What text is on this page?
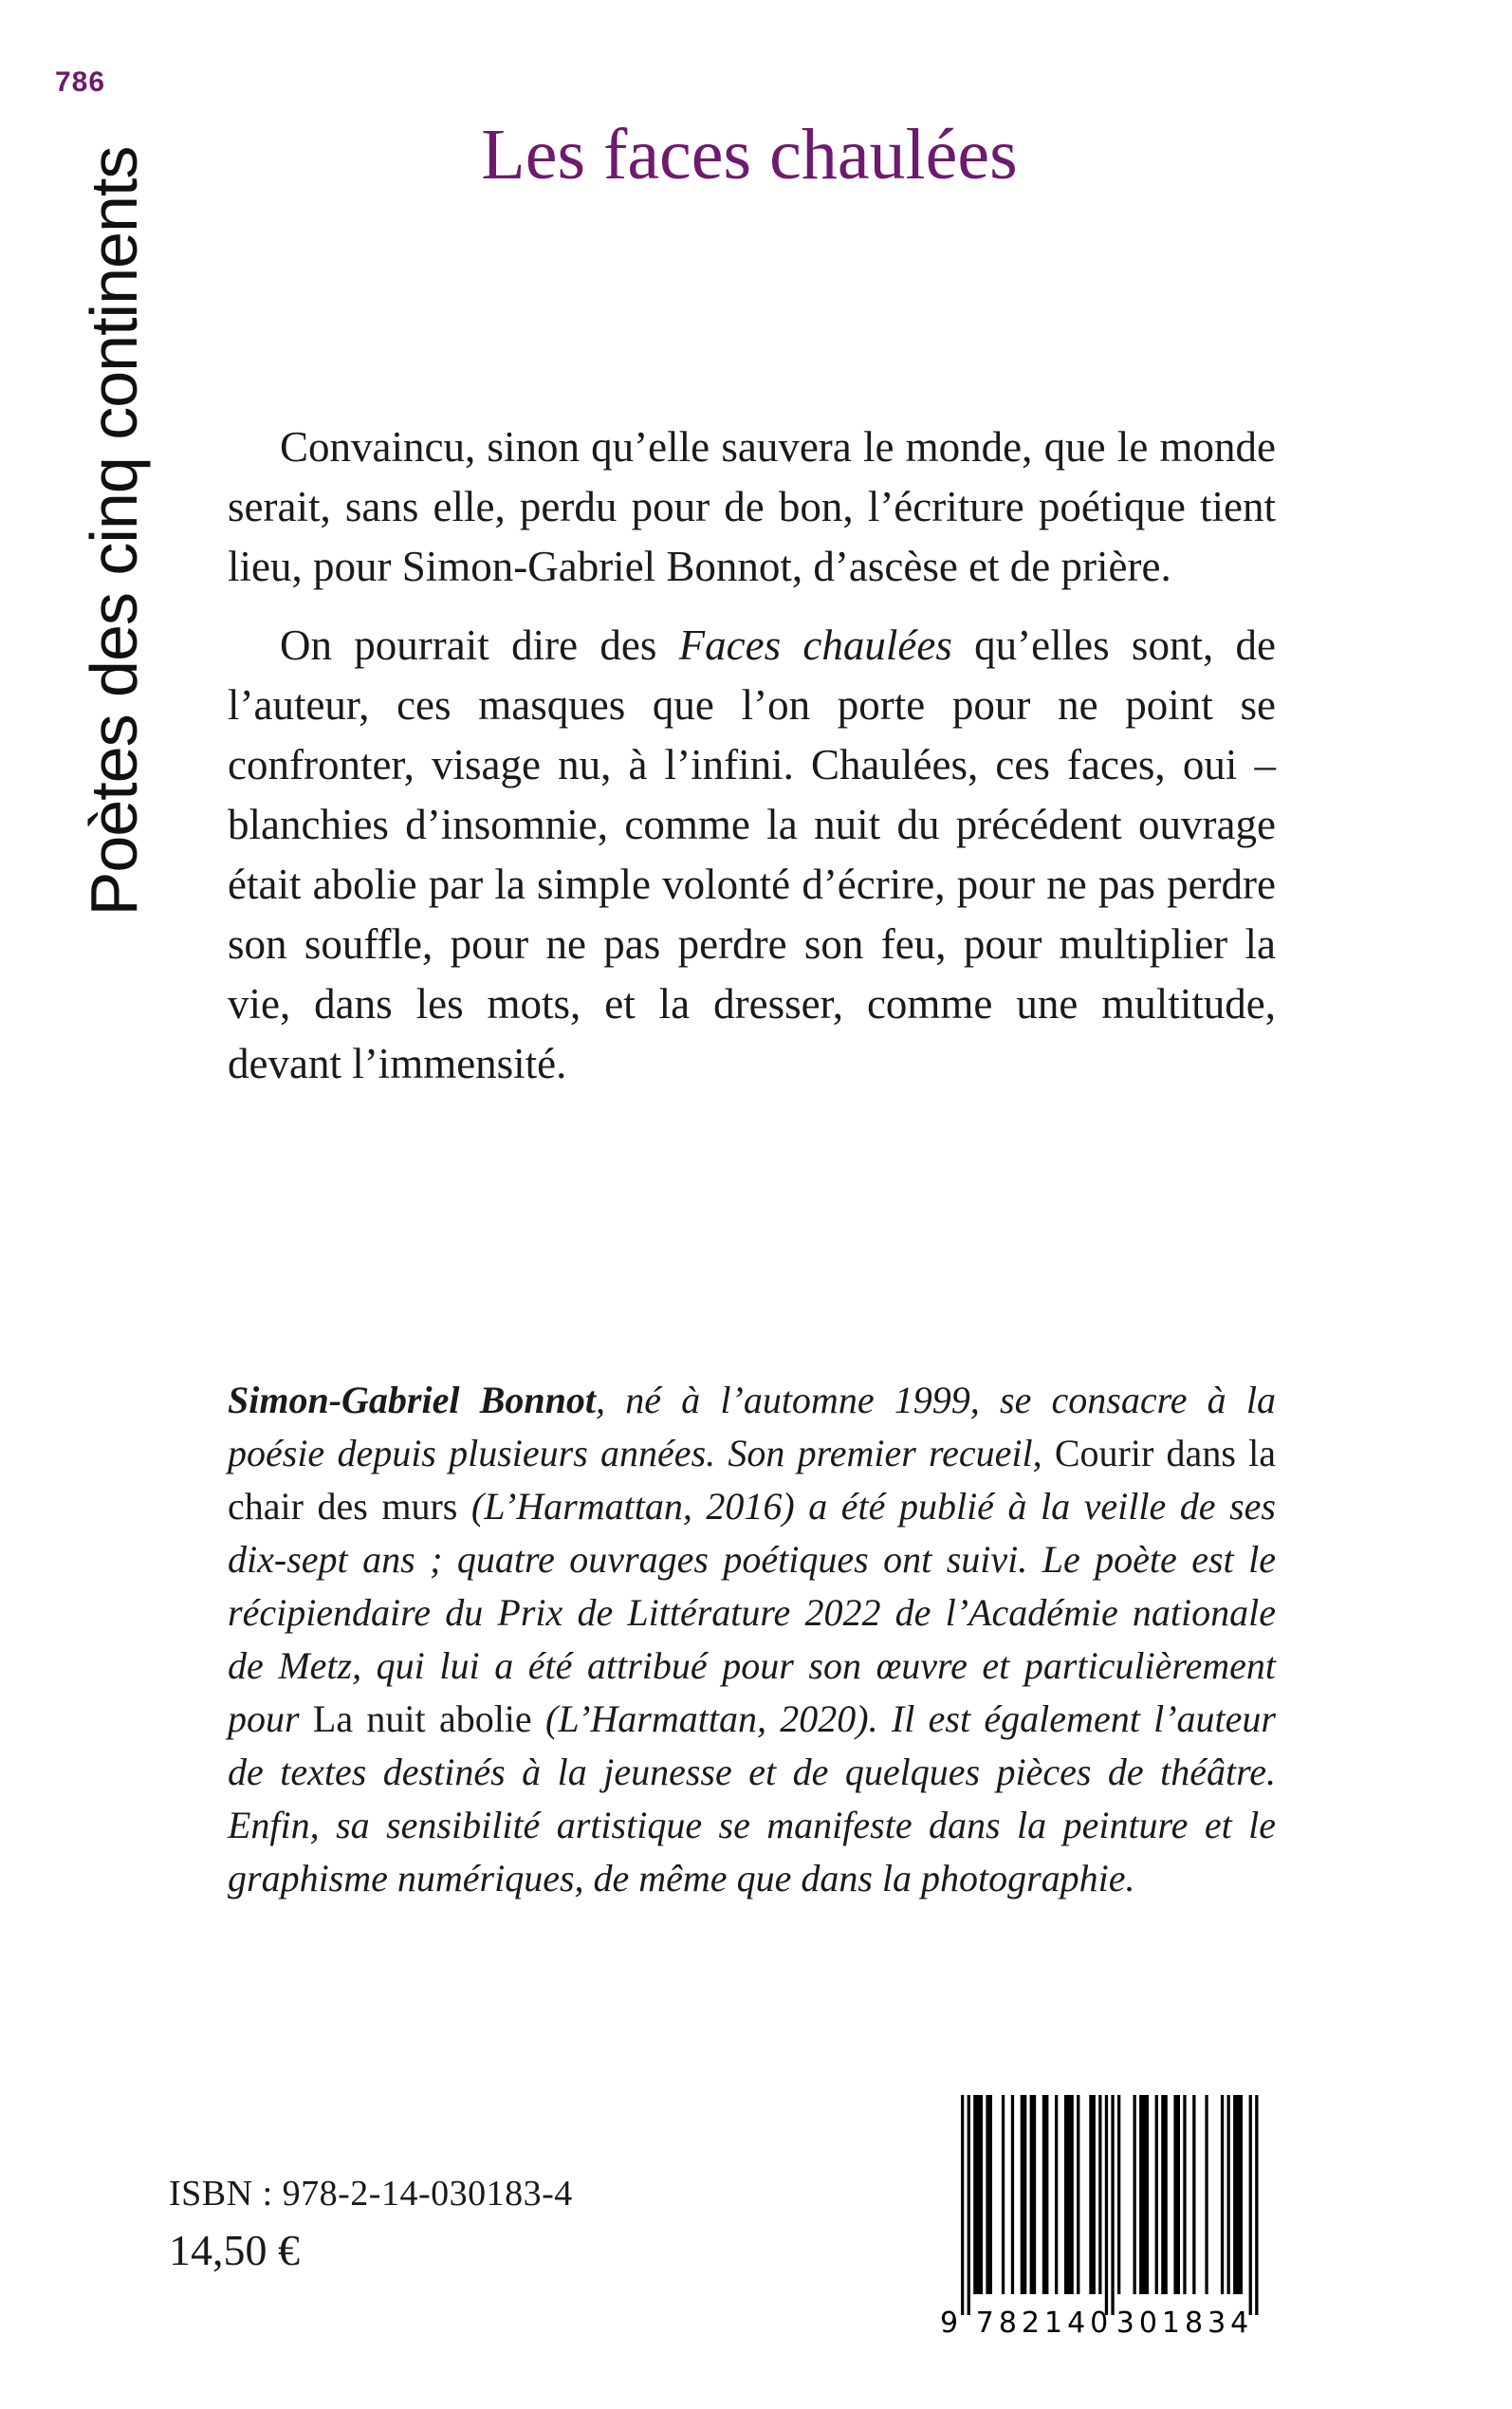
786
Poètes des cinq continents	Les faces chaulées

Convaincu, sinon qu’elle sauvera le monde, que le monde serait, sans elle, perdu pour de bon, l’écriture poétique tient lieu, pour Simon-Gabriel Bonnot, d’ascèse et de prière.

On pourrait dire des Faces chaulées qu’elles sont, de l’auteur, ces masques que l’on porte pour ne point se confronter, visage nu, à l’infini. Chaulées, ces faces, oui – blanchies d’insomnie, comme la nuit du précédent ouvrage était abolie par la simple volonté d’écrire, pour ne pas perdre son souffle, pour ne pas perdre son feu, pour multiplier la vie, dans les mots, et la dresser, comme une multitude, devant l’immensité.

Simon-Gabriel Bonnot, né à l’automne 1999, se consacre à la poésie depuis plusieurs années. Son premier recueil, Courir dans la chair des murs (L’Harmattan, 2016) a été publié à la veille de ses dix-sept ans ; quatre ouvrages poétiques ont suivi. Le poète est le récipiendaire du Prix de Littérature 2022 de l’Académie nationale de Metz, qui lui a été attribué pour son œuvre et particulièrement pour La nuit abolie (L’Harmattan, 2020). Il est également l’auteur de textes destinés à la jeunesse et de quelques pièces de théâtre. Enfin, sa sensibilité artistique se manifeste dans la peinture et le graphisme numériques, de même que dans la photographie.

ISBN : 978-2-14-030183-4
14,50 €
9 782140 301834
